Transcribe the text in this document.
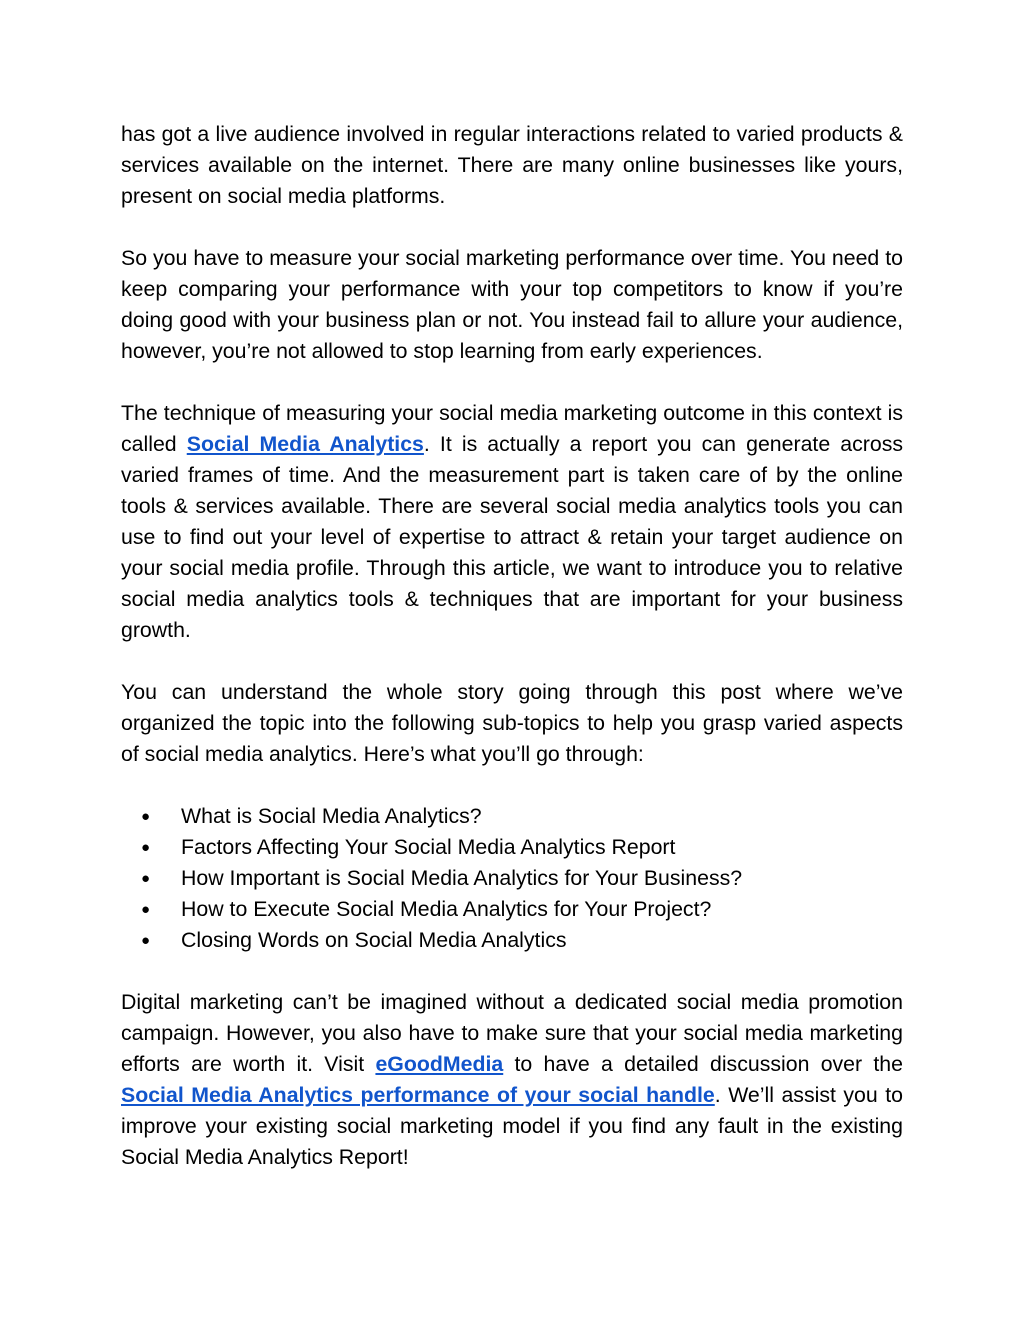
has got a live audience involved in regular interactions related to varied products & services available on the internet. There are many online businesses like yours, present on social media platforms.

So you have to measure your social marketing performance over time. You need to keep comparing your performance with your top competitors to know if you’re doing good with your business plan or not. You instead fail to allure your audience, however, you’re not allowed to stop learning from early experiences.

The technique of measuring your social media marketing outcome in this context is called Social Media Analytics. It is actually a report you can generate across varied frames of time. And the measurement part is taken care of by the online tools & services available. There are several social media analytics tools you can use to find out your level of expertise to attract & retain your target audience on your social media profile. Through this article, we want to introduce you to relative social media analytics tools & techniques that are important for your business growth.

You can understand the whole story going through this post where we’ve organized the topic into the following sub-topics to help you grasp varied aspects of social media analytics. Here’s what you’ll go through:

● What is Social Media Analytics?
● Factors Affecting Your Social Media Analytics Report
● How Important is Social Media Analytics for Your Business?
● How to Execute Social Media Analytics for Your Project?
● Closing Words on Social Media Analytics

Digital marketing can’t be imagined without a dedicated social media promotion campaign. However, you also have to make sure that your social media marketing efforts are worth it. Visit eGoodMedia to have a detailed discussion over the Social Media Analytics performance of your social handle. We’ll assist you to improve your existing social marketing model if you find any fault in the existing Social Media Analytics Report!
